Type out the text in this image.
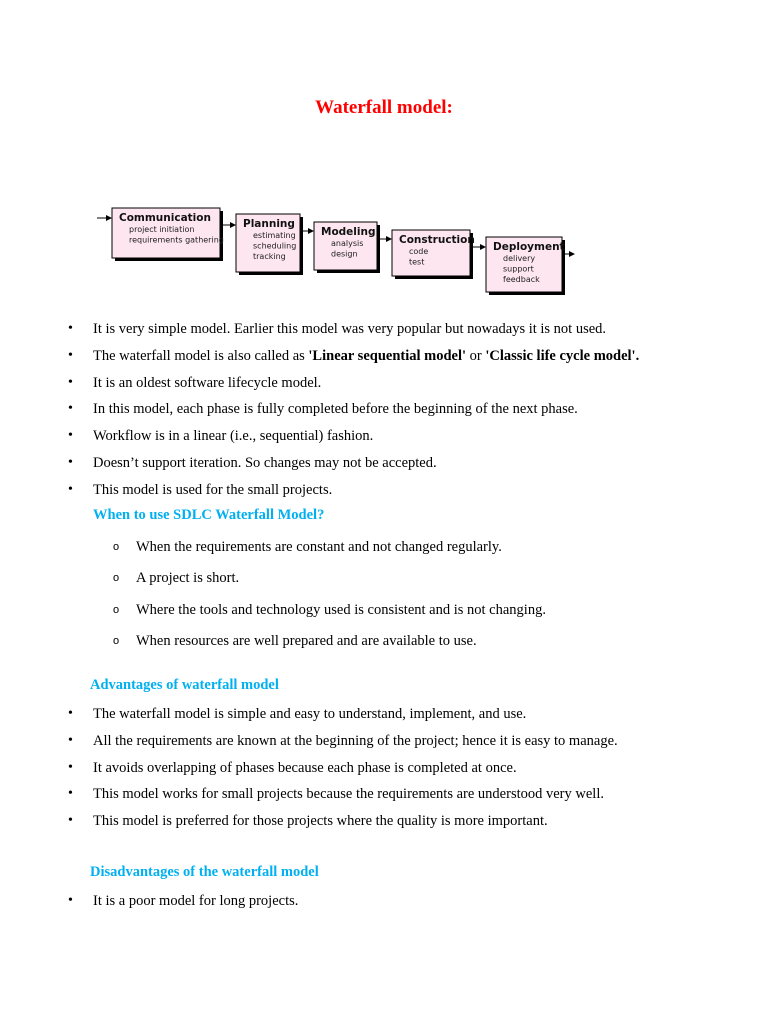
Waterfall model:
Communication
project initiation
requirements gathering
Planning
estimating
scheduling
tracking
Modeling
analysis
design
Construction
code
test
Deployment
delivery
support
feedback
• It is very simple model. Earlier this model was very popular but nowadays it is not used.
• The waterfall model is also called as 'Linear sequential model' or 'Classic life cycle model'.
• It is an oldest software lifecycle model.
• In this model, each phase is fully completed before the beginning of the next phase.
• Workflow is in a linear (i.e., sequential) fashion.
• Doesn’t support iteration. So changes may not be accepted.
• This model is used for the small projects.
When to use SDLC Waterfall Model?
o When the requirements are constant and not changed regularly.
o A project is short.
o Where the tools and technology used is consistent and is not changing.
o When resources are well prepared and are available to use.
Advantages of waterfall model
• The waterfall model is simple and easy to understand, implement, and use.
• All the requirements are known at the beginning of the project; hence it is easy to manage.
• It avoids overlapping of phases because each phase is completed at once.
• This model works for small projects because the requirements are understood very well.
• This model is preferred for those projects where the quality is more important.
Disadvantages of the waterfall model
• It is a poor model for long projects.
